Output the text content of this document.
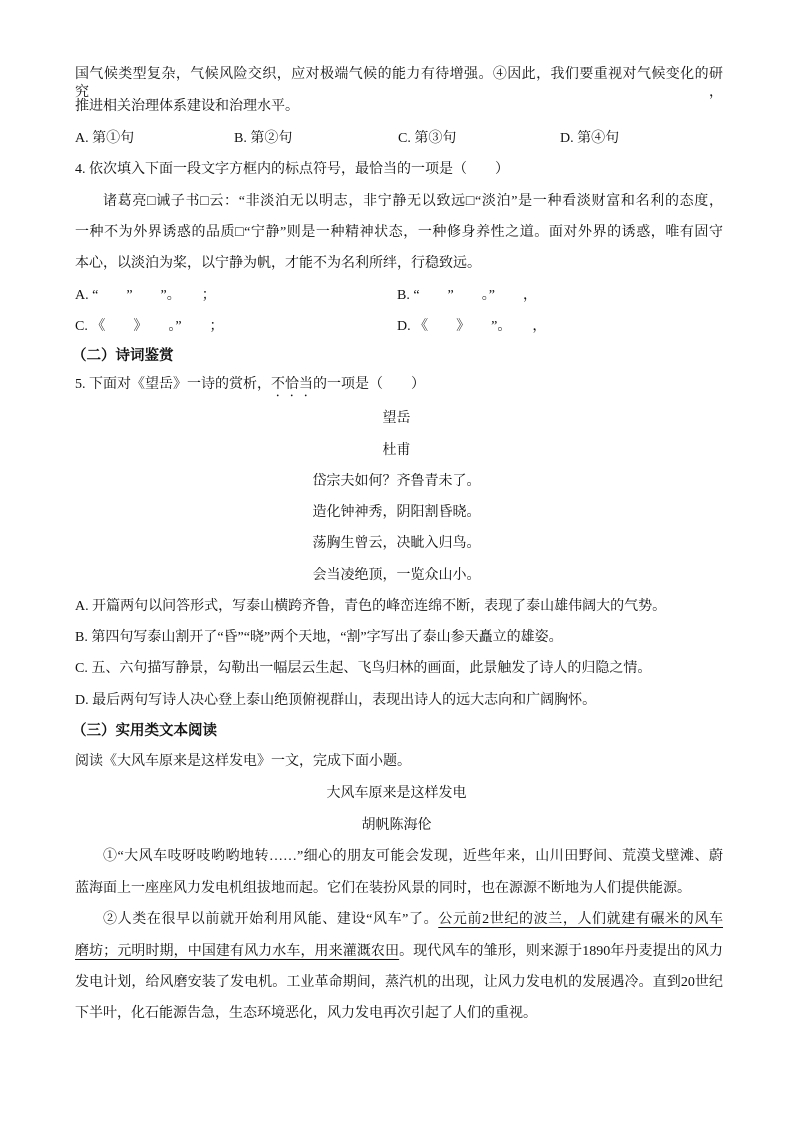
国气候类型复杂，气候风险交织，应对极端气候的能力有待增强。④因此，我们要重视对气候变化的研究，
推进相关治理体系建设和治理水平。
A. 第①句	B. 第②句	C. 第③句	D. 第④句
4. 依次填入下面一段文字方框内的标点符号，最恰当的一项是（　　）
诸葛亮□诫子书□云：“非淡泊无以明志，非宁静无以致远□“淡泊”是一种看淡财富和名利的态度，
一种不为外界诱惑的品质□“宁静”则是一种精神状态，一种修身养性之道。面对外界的诱惑，唯有固守
本心，以淡泊为桨，以宁静为帆，才能不为名利所绊，行稳致远。
A. “　　”　　”。　　；	B. “　　”　　。”　　，
C. 《　　》　　。”　　；	D. 《　　》　　”。　　，
（二）诗词鉴赏
5. 下面对《望岳》一诗的赏析，不恰当的一项是（　　）
望岳
杜甫
岱宗夫如何？齐鲁青未了。
造化钟神秀，阴阳割昏晓。
荡胸生曾云，决眦入归鸟。
会当凌绝顶，一览众山小。
A. 开篇两句以问答形式，写泰山横跨齐鲁，青色的峰峦连绵不断，表现了泰山雄伟阔大的气势。
B. 第四句写泰山割开了“昏”“晓”两个天地，“割”字写出了泰山参天矗立的雄姿。
C. 五、六句描写静景，勾勒出一幅层云生起、飞鸟归林的画面，此景触发了诗人的归隐之情。
D. 最后两句写诗人决心登上泰山绝顶俯视群山，表现出诗人的远大志向和广阔胸怀。
（三）实用类文本阅读
阅读《大风车原来是这样发电》一文，完成下面小题。
大风车原来是这样发电
胡帆陈海伦
①“大风车吱呀吱哟哟地转……”细心的朋友可能会发现，近些年来，山川田野间、荒漠戈壁滩、蔚
蓝海面上一座座风力发电机组拔地而起。它们在装扮风景的同时，也在源源不断地为人们提供能源。
②人类在很早以前就开始利用风能、建设“风车”了。公元前2世纪的波兰，人们就建有碾米的风车
磨坊；元明时期，中国建有风力水车，用来灌溉农田。现代风车的雏形，则来源于1890年丹麦提出的风力
发电计划，给风磨安装了发电机。工业革命期间，蒸汽机的出现，让风力发电机的发展遇冷。直到20世纪
下半叶，化石能源告急，生态环境恶化，风力发电再次引起了人们的重视。
